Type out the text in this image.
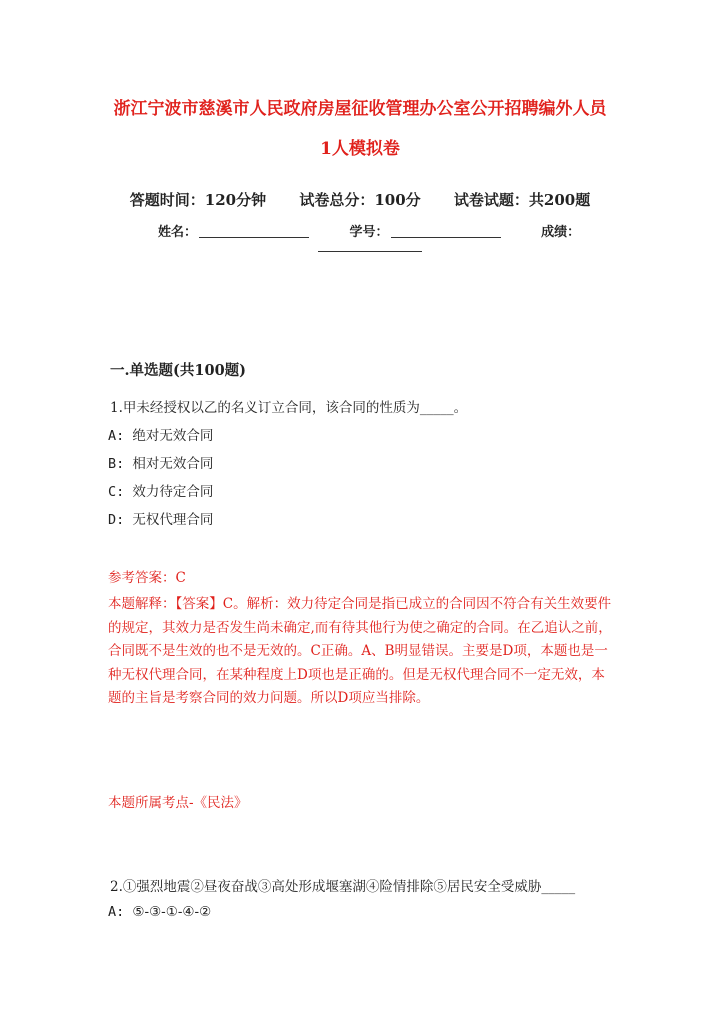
浙江宁波市慈溪市人民政府房屋征收管理办公室公开招聘编外人员
1人模拟卷
答题时间：120分钟 试卷总分：100分 试卷试题：共200题
姓名：	学号：	成绩：
一.单选题(共100题)
1.甲未经授权以乙的名义订立合同，该合同的性质为_____。
A: 绝对无效合同
B: 相对无效合同
C: 效力待定合同
D: 无权代理合同
参考答案：C
本题解释：【答案】C。解析：效力待定合同是指已成立的合同因不符合有关生效要件的规定，其效力是否发生尚未确定,而有待其他行为使之确定的合同。在乙追认之前，合同既不是生效的也不是无效的。C正确。A、B明显错误。主要是D项，本题也是一种无权代理合同，在某种程度上D项也是正确的。但是无权代理合同不一定无效，本题的主旨是考察合同的效力问题。所以D项应当排除。
本题所属考点-《民法》
2.①强烈地震②昼夜奋战③高处形成堰塞湖④险情排除⑤居民安全受威胁_____
A: ⑤-③-①-④-②
